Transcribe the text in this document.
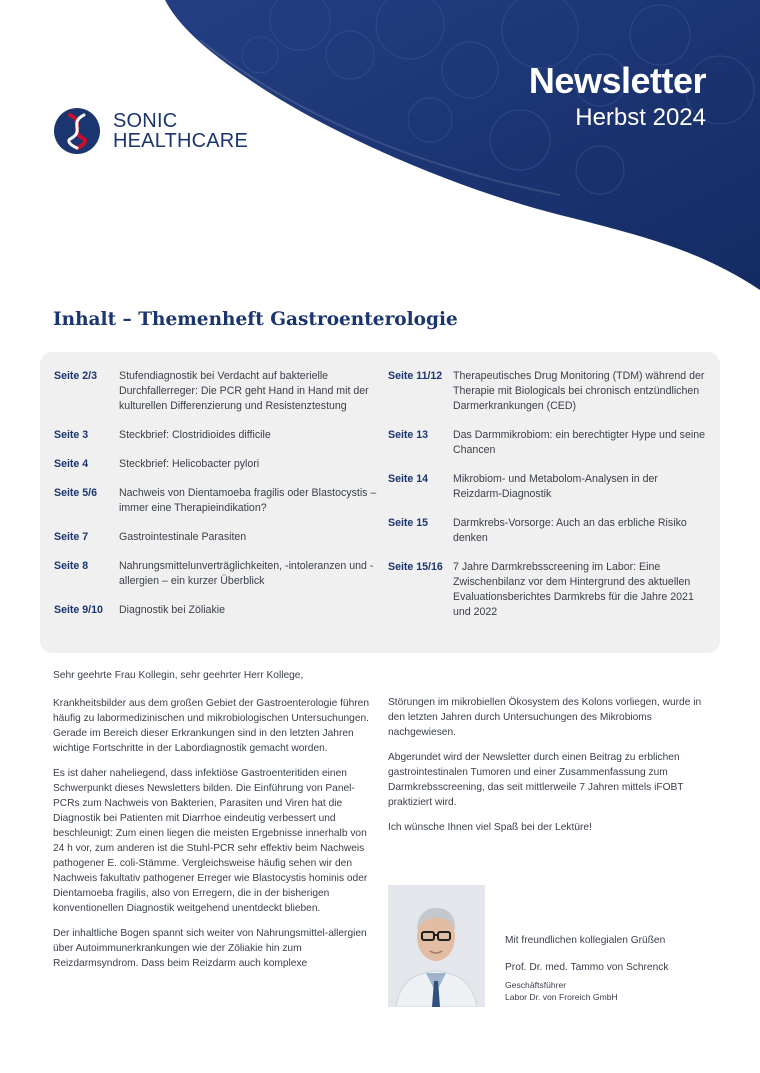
Newsletter
Herbst 2024
SONIC
HEALTHCARE
Inhalt – Themenheft Gastroenterologie
Seite 2/3	Stufendiagnostik bei Verdacht auf bakterielle Durchfallerreger: Die PCR geht Hand in Hand mit der kulturellen Differenzierung und Resistenztestung
Seite 3	Steckbrief: Clostridioides difficile
Seite 4	Steckbrief: Helicobacter pylori
Seite 5/6	Nachweis von Dientamoeba fragilis oder Blastocystis – immer eine Therapieindikation?
Seite 7	Gastrointestinale Parasiten
Seite 8	Nahrungsmittelunverträglichkeiten, -intoleranzen und -allergien – ein kurzer Überblick
Seite 9/10	Diagnostik bei Zöliakie
Seite 11/12	Therapeutisches Drug Monitoring (TDM) während der Therapie mit Biologicals bei chronisch entzündlichen Darmerkrankungen (CED)
Seite 13	Das Darmmikrobiom: ein berechtigter Hype und seine Chancen
Seite 14	Mikrobiom- und Metabolom-Analysen in der Reizdarm-Diagnostik
Seite 15	Darmkrebs-Vorsorge: Auch an das erbliche Risiko denken
Seite 15/16 7 Jahre Darmkrebsscreening im Labor: Eine Zwischenbilanz vor dem Hintergrund des aktuellen Evaluationsberichtes Darmkrebs für die Jahre 2021 und 2022

Sehr geehrte Frau Kollegin, sehr geehrter Herr Kollege,

Krankheitsbilder aus dem großen Gebiet der Gastroenterologie führen häufig zu labormedizinischen und mikrobiologischen Untersuchungen. Gerade im Bereich dieser Erkrankungen sind in den letzten Jahren wichtige Fortschritte in der Labordiagnostik gemacht worden.

Es ist daher naheliegend, dass infektiöse Gastroenteritiden einen Schwerpunkt dieses Newsletters bilden. Die Einführung von Panel-PCRs zum Nachweis von Bakterien, Parasiten und Viren hat die Diagnostik bei Patienten mit Diarrhoe eindeutig verbessert und beschleunigt: Zum einen liegen die meisten Ergebnisse innerhalb von 24 h vor, zum anderen ist die Stuhl-PCR sehr effektiv beim Nachweis pathogener E. coli-Stämme. Vergleichsweise häufig sehen wir den Nachweis fakultativ pathogener Erreger wie Blastocystis hominis oder Dientamoeba fragilis, also von Erregern, die in der bisherigen konventionellen Diagnostik weitgehend unentdeckt blieben.

Der inhaltliche Bogen spannt sich weiter von Nahrungsmittel-allergien über Autoimmunerkrankungen wie der Zöliakie hin zum Reizdarmsyndrom. Dass beim Reizdarm auch komplexe

Störungen im mikrobiellen Ökosystem des Kolons vorliegen, wurde in den letzten Jahren durch Untersuchungen des Mikrobioms nachgewiesen.

Abgerundet wird der Newsletter durch einen Beitrag zu erblichen gastrointestinalen Tumoren und einer Zusammenfassung zum Darmkrebsscreening, das seit mittlerweile 7 Jahren mittels iFOBT praktiziert wird.

Ich wünsche Ihnen viel Spaß bei der Lektüre!

Mit freundlichen kollegialen Grüßen
Prof. Dr. med. Tammo von Schrenck
Geschäftsführer
Labor Dr. von Froreich GmbH
